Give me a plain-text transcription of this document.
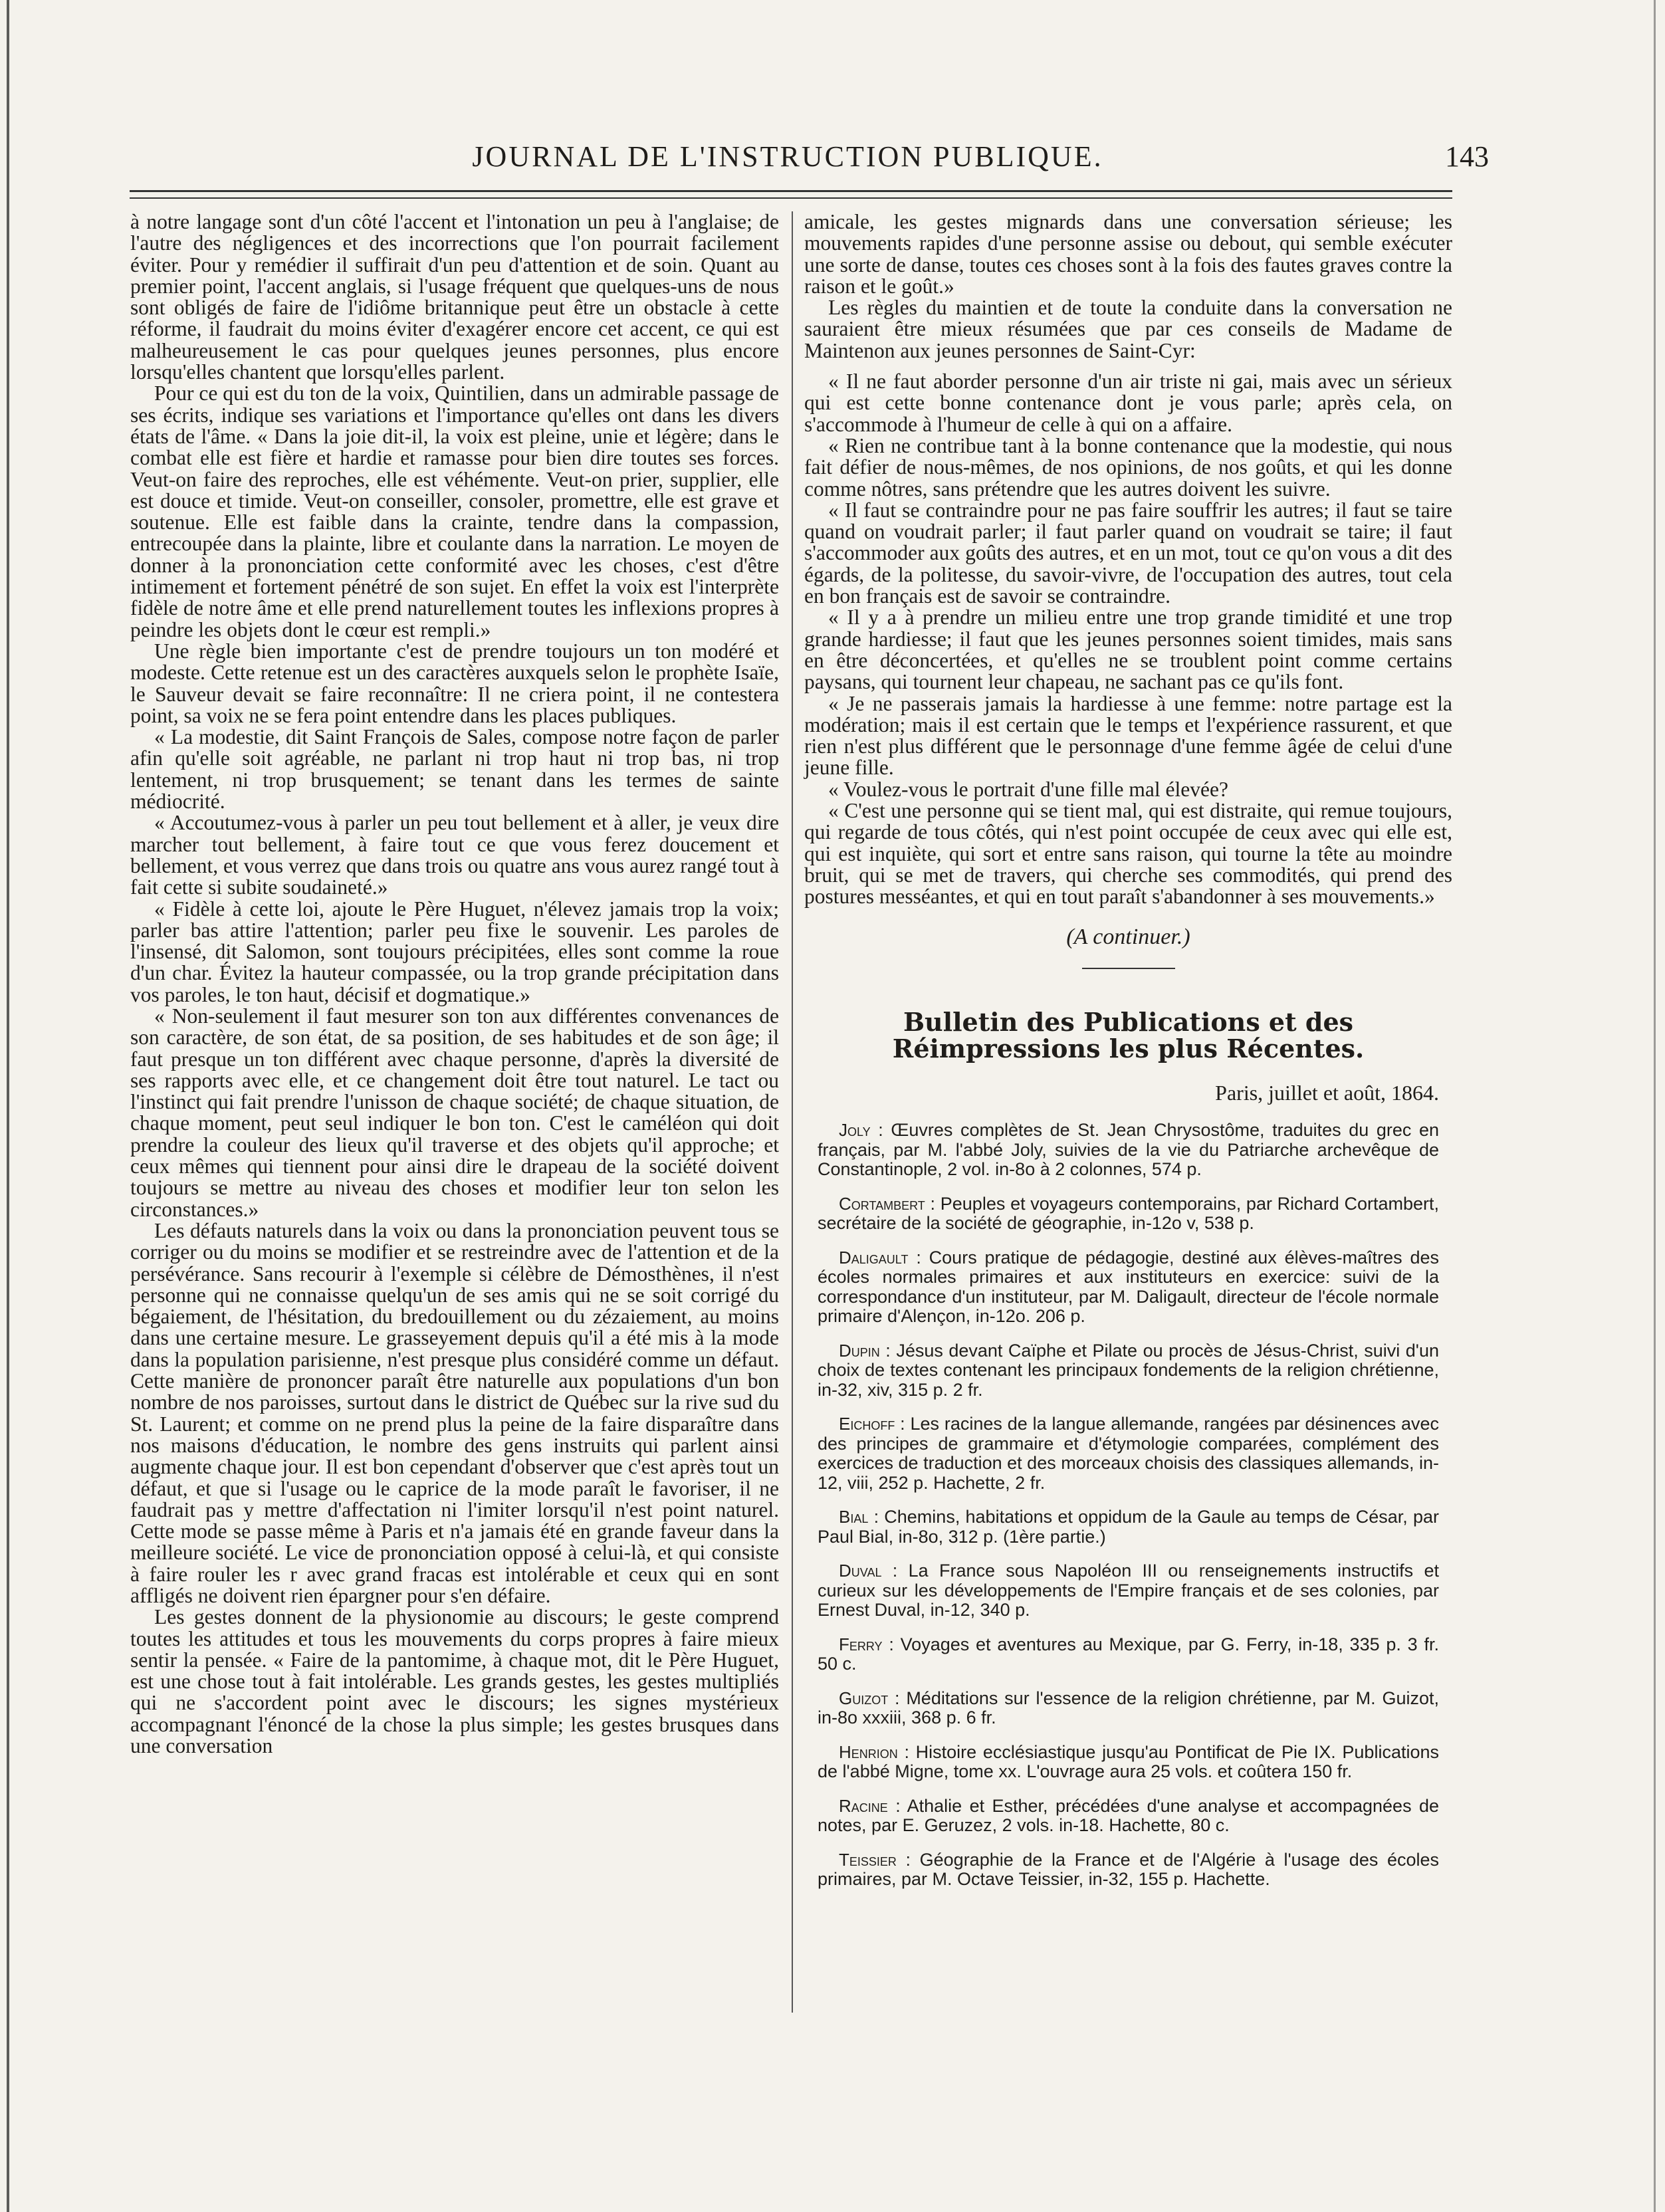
JOURNAL DE L'INSTRUCTION PUBLIQUE.	143

à notre langage sont d'un côté l'accent et l'intonation un peu à l'anglaise; de l'autre des négligences et des incorrections que l'on pourrait facilement éviter. Pour y remédier il suffirait d'un peu d'attention et de soin. Quant au premier point, l'accent anglais, si l'usage fréquent que quelques-uns de nous sont obligés de faire de l'idiôme britannique peut être un obstacle à cette réforme, il faudrait du moins éviter d'exagérer encore cet accent, ce qui est malheureusement le cas pour quelques jeunes personnes, plus encore lorsqu'elles chantent que lorsqu'elles parlent.

Pour ce qui est du ton de la voix, Quintilien, dans un admirable passage de ses écrits, indique ses variations et l'importance qu'elles ont dans les divers états de l'âme. « Dans la joie dit-il, la voix est pleine, unie et légère; dans le combat elle est fière et hardie et ramasse pour bien dire toutes ses forces. Veut-on faire des reproches, elle est véhémente. Veut-on prier, supplier, elle est douce et timide. Veut-on conseiller, consoler, promettre, elle est grave et soutenue. Elle est faible dans la crainte, tendre dans la compassion, entrecoupée dans la plainte, libre et coulante dans la narration. Le moyen de donner à la prononciation cette conformité avec les choses, c'est d'être intimement et fortement pénétré de son sujet. En effet la voix est l'interprète fidèle de notre âme et elle prend naturellement toutes les inflexions propres à peindre les objets dont le cœur est rempli.»

Une règle bien importante c'est de prendre toujours un ton modéré et modeste. Cette retenue est un des caractères auxquels selon le prophète Isaïe, le Sauveur devait se faire reconnaître: Il ne criera point, il ne contestera point, sa voix ne se fera point entendre dans les places publiques.

« La modestie, dit Saint François de Sales, compose notre façon de parler afin qu'elle soit agréable, ne parlant ni trop haut ni trop bas, ni trop lentement, ni trop brusquement; se tenant dans les termes de sainte médiocrité.

« Accoutumez-vous à parler un peu tout bellement et à aller, je veux dire marcher tout bellement, à faire tout ce que vous ferez doucement et bellement, et vous verrez que dans trois ou quatre ans vous aurez rangé tout à fait cette si subite soudaineté.»

« Fidèle à cette loi, ajoute le Père Huguet, n'élevez jamais trop la voix; parler bas attire l'attention; parler peu fixe le souvenir. Les paroles de l'insensé, dit Salomon, sont toujours précipitées, elles sont comme la roue d'un char. Évitez la hauteur compassée, ou la trop grande précipitation dans vos paroles, le ton haut, décisif et dogmatique.»

« Non-seulement il faut mesurer son ton aux différentes convenances de son caractère, de son état, de sa position, de ses habitudes et de son âge; il faut presque un ton différent avec chaque personne, d'après la diversité de ses rapports avec elle, et ce changement doit être tout naturel. Le tact ou l'instinct qui fait prendre l'unisson de chaque société; de chaque situation, de chaque moment, peut seul indiquer le bon ton. C'est le caméléon qui doit prendre la couleur des lieux qu'il traverse et des objets qu'il approche; et ceux mêmes qui tiennent pour ainsi dire le drapeau de la société doivent toujours se mettre au niveau des choses et modifier leur ton selon les circonstances.»

Les défauts naturels dans la voix ou dans la prononciation peuvent tous se corriger ou du moins se modifier et se restreindre avec de l'attention et de la persévérance. Sans recourir à l'exemple si célèbre de Démosthènes, il n'est personne qui ne connaisse quelqu'un de ses amis qui ne se soit corrigé du bégaiement, de l'hésitation, du bredouillement ou du zézaiement, au moins dans une certaine mesure. Le grasseyement depuis qu'il a été mis à la mode dans la population parisienne, n'est presque plus considéré comme un défaut. Cette manière de prononcer paraît être naturelle aux populations d'un bon nombre de nos paroisses, surtout dans le district de Québec sur la rive sud du St. Laurent; et comme on ne prend plus la peine de la faire disparaître dans nos maisons d'éducation, le nombre des gens instruits qui parlent ainsi augmente chaque jour. Il est bon cependant d'observer que c'est après tout un défaut, et que si l'usage ou le caprice de la mode paraît le favoriser, il ne faudrait pas y mettre d'affectation ni l'imiter lorsqu'il n'est point naturel. Cette mode se passe même à Paris et n'a jamais été en grande faveur dans la meilleure société. Le vice de prononciation opposé à celui-là, et qui consiste à faire rouler les r avec grand fracas est intolérable et ceux qui en sont affligés ne doivent rien épargner pour s'en défaire.

Les gestes donnent de la physionomie au discours; le geste comprend toutes les attitudes et tous les mouvements du corps propres à faire mieux sentir la pensée. « Faire de la pantomime, à chaque mot, dit le Père Huguet, est une chose tout à fait intolérable. Les grands gestes, les gestes multipliés qui ne s'accordent point avec le discours; les signes mystérieux accompagnant l'énoncé de la chose la plus simple; les gestes brusques dans une conversation

amicale, les gestes mignards dans une conversation sérieuse; les mouvements rapides d'une personne assise ou debout, qui semble exécuter une sorte de danse, toutes ces choses sont à la fois des fautes graves contre la raison et le goût.»

Les règles du maintien et de toute la conduite dans la conversation ne sauraient être mieux résumées que par ces conseils de Madame de Maintenon aux jeunes personnes de Saint-Cyr:

« Il ne faut aborder personne d'un air triste ni gai, mais avec un sérieux qui est cette bonne contenance dont je vous parle; après cela, on s'accommode à l'humeur de celle à qui on a affaire.

« Rien ne contribue tant à la bonne contenance que la modestie, qui nous fait défier de nous-mêmes, de nos opinions, de nos goûts, et qui les donne comme nôtres, sans prétendre que les autres doivent les suivre.

« Il faut se contraindre pour ne pas faire souffrir les autres; il faut se taire quand on voudrait parler; il faut parler quand on voudrait se taire; il faut s'accommoder aux goûts des autres, et en un mot, tout ce qu'on vous a dit des égards, de la politesse, du savoir-vivre, de l'occupation des autres, tout cela en bon français est de savoir se contraindre.

« Il y a à prendre un milieu entre une trop grande timidité et une trop grande hardiesse; il faut que les jeunes personnes soient timides, mais sans en être déconcertées, et qu'elles ne se troublent point comme certains paysans, qui tournent leur chapeau, ne sachant pas ce qu'ils font.

« Je ne passerais jamais la hardiesse à une femme: notre partage est la modération; mais il est certain que le temps et l'expérience rassurent, et que rien n'est plus différent que le personnage d'une femme âgée de celui d'une jeune fille.

« Voulez-vous le portrait d'une fille mal élevée?

« C'est une personne qui se tient mal, qui est distraite, qui remue toujours, qui regarde de tous côtés, qui n'est point occupée de ceux avec qui elle est, qui est inquiète, qui sort et entre sans raison, qui tourne la tête au moindre bruit, qui se met de travers, qui cherche ses commodités, qui prend des postures messéantes, et qui en tout paraît s'abandonner à ses mouvements.»

(A continuer.)

Bulletin des Publications et des Réimpressions les plus Récentes.
Paris, juillet et août, 1864.
Joly : Œuvres complètes de St. Jean Chrysostôme, traduites du grec en français, par M. l'abbé Joly, suivies de la vie du Patriarche archevêque de Constantinople, 2 vol. in-8o à 2 colonnes, 574 p.
Cortambert : Peuples et voyageurs contemporains, par Richard Cortambert, secrétaire de la société de géographie, in-12o v, 538 p.
Daligault : Cours pratique de pédagogie, destiné aux élèves-maîtres des écoles normales primaires et aux instituteurs en exercice: suivi de la correspondance d'un instituteur, par M. Daligault, directeur de l'école normale primaire d'Alençon, in-12o. 206 p.
Dupin : Jésus devant Caïphe et Pilate ou procès de Jésus-Christ, suivi d'un choix de textes contenant les principaux fondements de la religion chrétienne, in-32, xiv, 315 p. 2 fr.
Eichoff : Les racines de la langue allemande, rangées par désinences avec des principes de grammaire et d'étymologie comparées, complément des exercices de traduction et des morceaux choisis des classiques allemands, in-12, viii, 252 p. Hachette, 2 fr.
Bial : Chemins, habitations et oppidum de la Gaule au temps de César, par Paul Bial, in-8o, 312 p. (1ère partie.)
Duval : La France sous Napoléon III ou renseignements instructifs et curieux sur les développements de l'Empire français et de ses colonies, par Ernest Duval, in-12, 340 p.
Ferry : Voyages et aventures au Mexique, par G. Ferry, in-18, 335 p. 3 fr. 50 c.
Guizot : Méditations sur l'essence de la religion chrétienne, par M. Guizot, in-8o xxxiii, 368 p. 6 fr.
Henrion : Histoire ecclésiastique jusqu'au Pontificat de Pie IX. Publications de l'abbé Migne, tome xx. L'ouvrage aura 25 vols. et coûtera 150 fr.
Racine : Athalie et Esther, précédées d'une analyse et accompagnées de notes, par E. Geruzez, 2 vols. in-18. Hachette, 80 c.
Teissier : Géographie de la France et de l'Algérie à l'usage des écoles primaires, par M. Octave Teissier, in-32, 155 p. Hachette.
